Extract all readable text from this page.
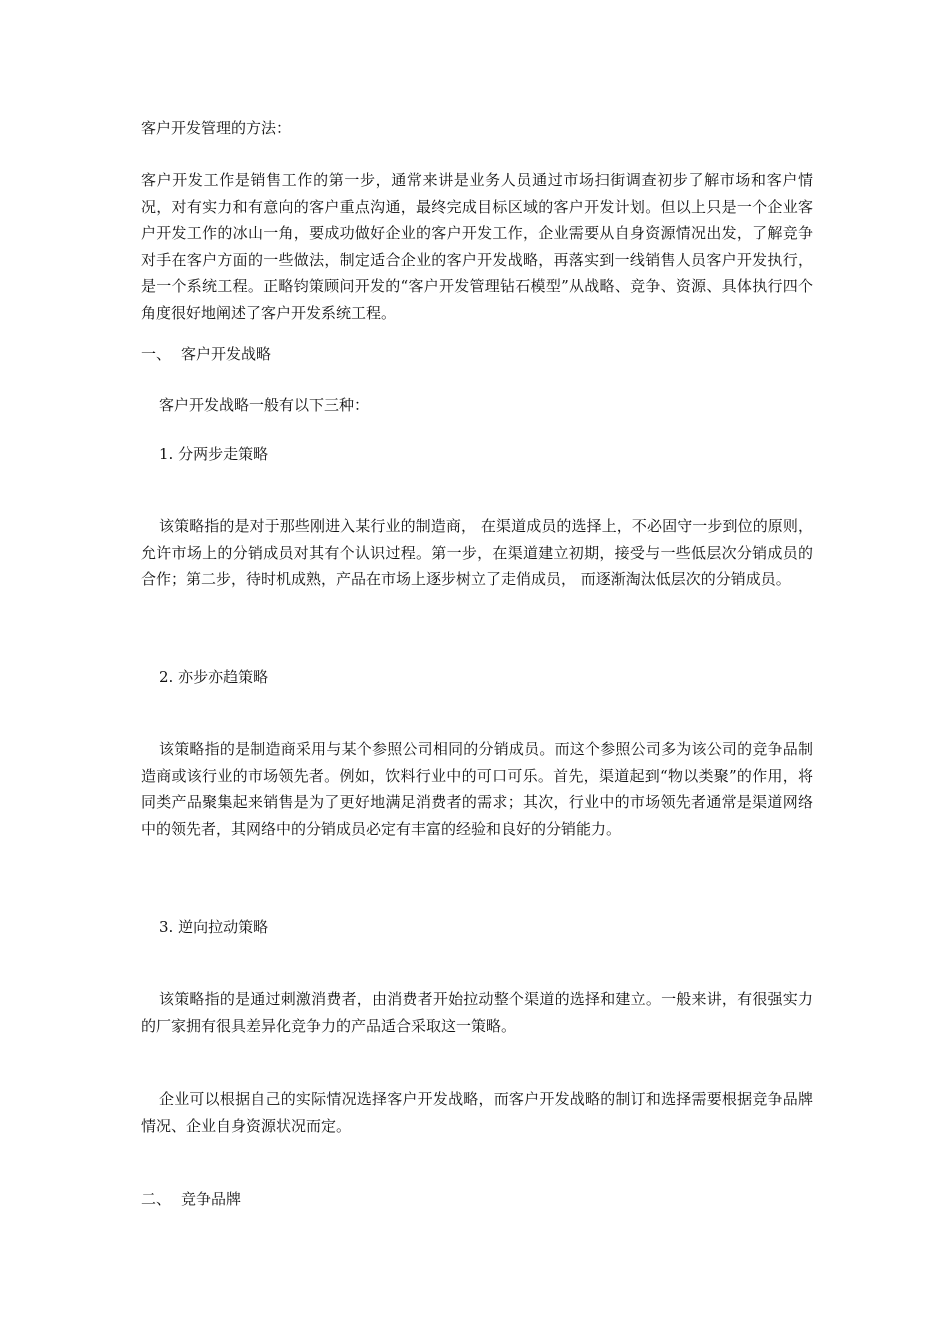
客户开发管理的方法：

客户开发工作是销售工作的第一步，通常来讲是业务人员通过市场扫街调查初步了解市场和客户情况，对有实力和有意向的客户重点沟通，最终完成目标区域的客户开发计划。但以上只是一个企业客户开发工作的冰山一角，要成功做好企业的客户开发工作，企业需要从自身资源情况出发，了解竞争对手在客户方面的一些做法，制定适合企业的客户开发战略，再落实到一线销售人员客户开发执行，是一个系统工程。正略钧策顾问开发的“客户开发管理钻石模型”从战略、竞争、资源、具体执行四个角度很好地阐述了客户开发系统工程。

一、 客户开发战略

客户开发战略一般有以下三种：

1. 分两步走策略

该策略指的是对于那些刚进入某行业的制造商， 在渠道成员的选择上，不必固守一步到位的原则，允许市场上的分销成员对其有个认识过程。第一步，在渠道建立初期，接受与一些低层次分销成员的合作；第二步，待时机成熟，产品在市场上逐步树立了走俏成员， 而逐渐淘汰低层次的分销成员。

2. 亦步亦趋策略

该策略指的是制造商采用与某个参照公司相同的分销成员。而这个参照公司多为该公司的竞争品制造商或该行业的市场领先者。例如，饮料行业中的可口可乐。首先，渠道起到“物以类聚”的作用，将同类产品聚集起来销售是为了更好地满足消费者的需求；其次，行业中的市场领先者通常是渠道网络中的领先者，其网络中的分销成员必定有丰富的经验和良好的分销能力。

3. 逆向拉动策略

该策略指的是通过刺激消费者，由消费者开始拉动整个渠道的选择和建立。一般来讲，有很强实力的厂家拥有很具差异化竞争力的产品适合采取这一策略。

企业可以根据自己的实际情况选择客户开发战略，而客户开发战略的制订和选择需要根据竞争品牌情况、企业自身资源状况而定。

二、 竞争品牌
